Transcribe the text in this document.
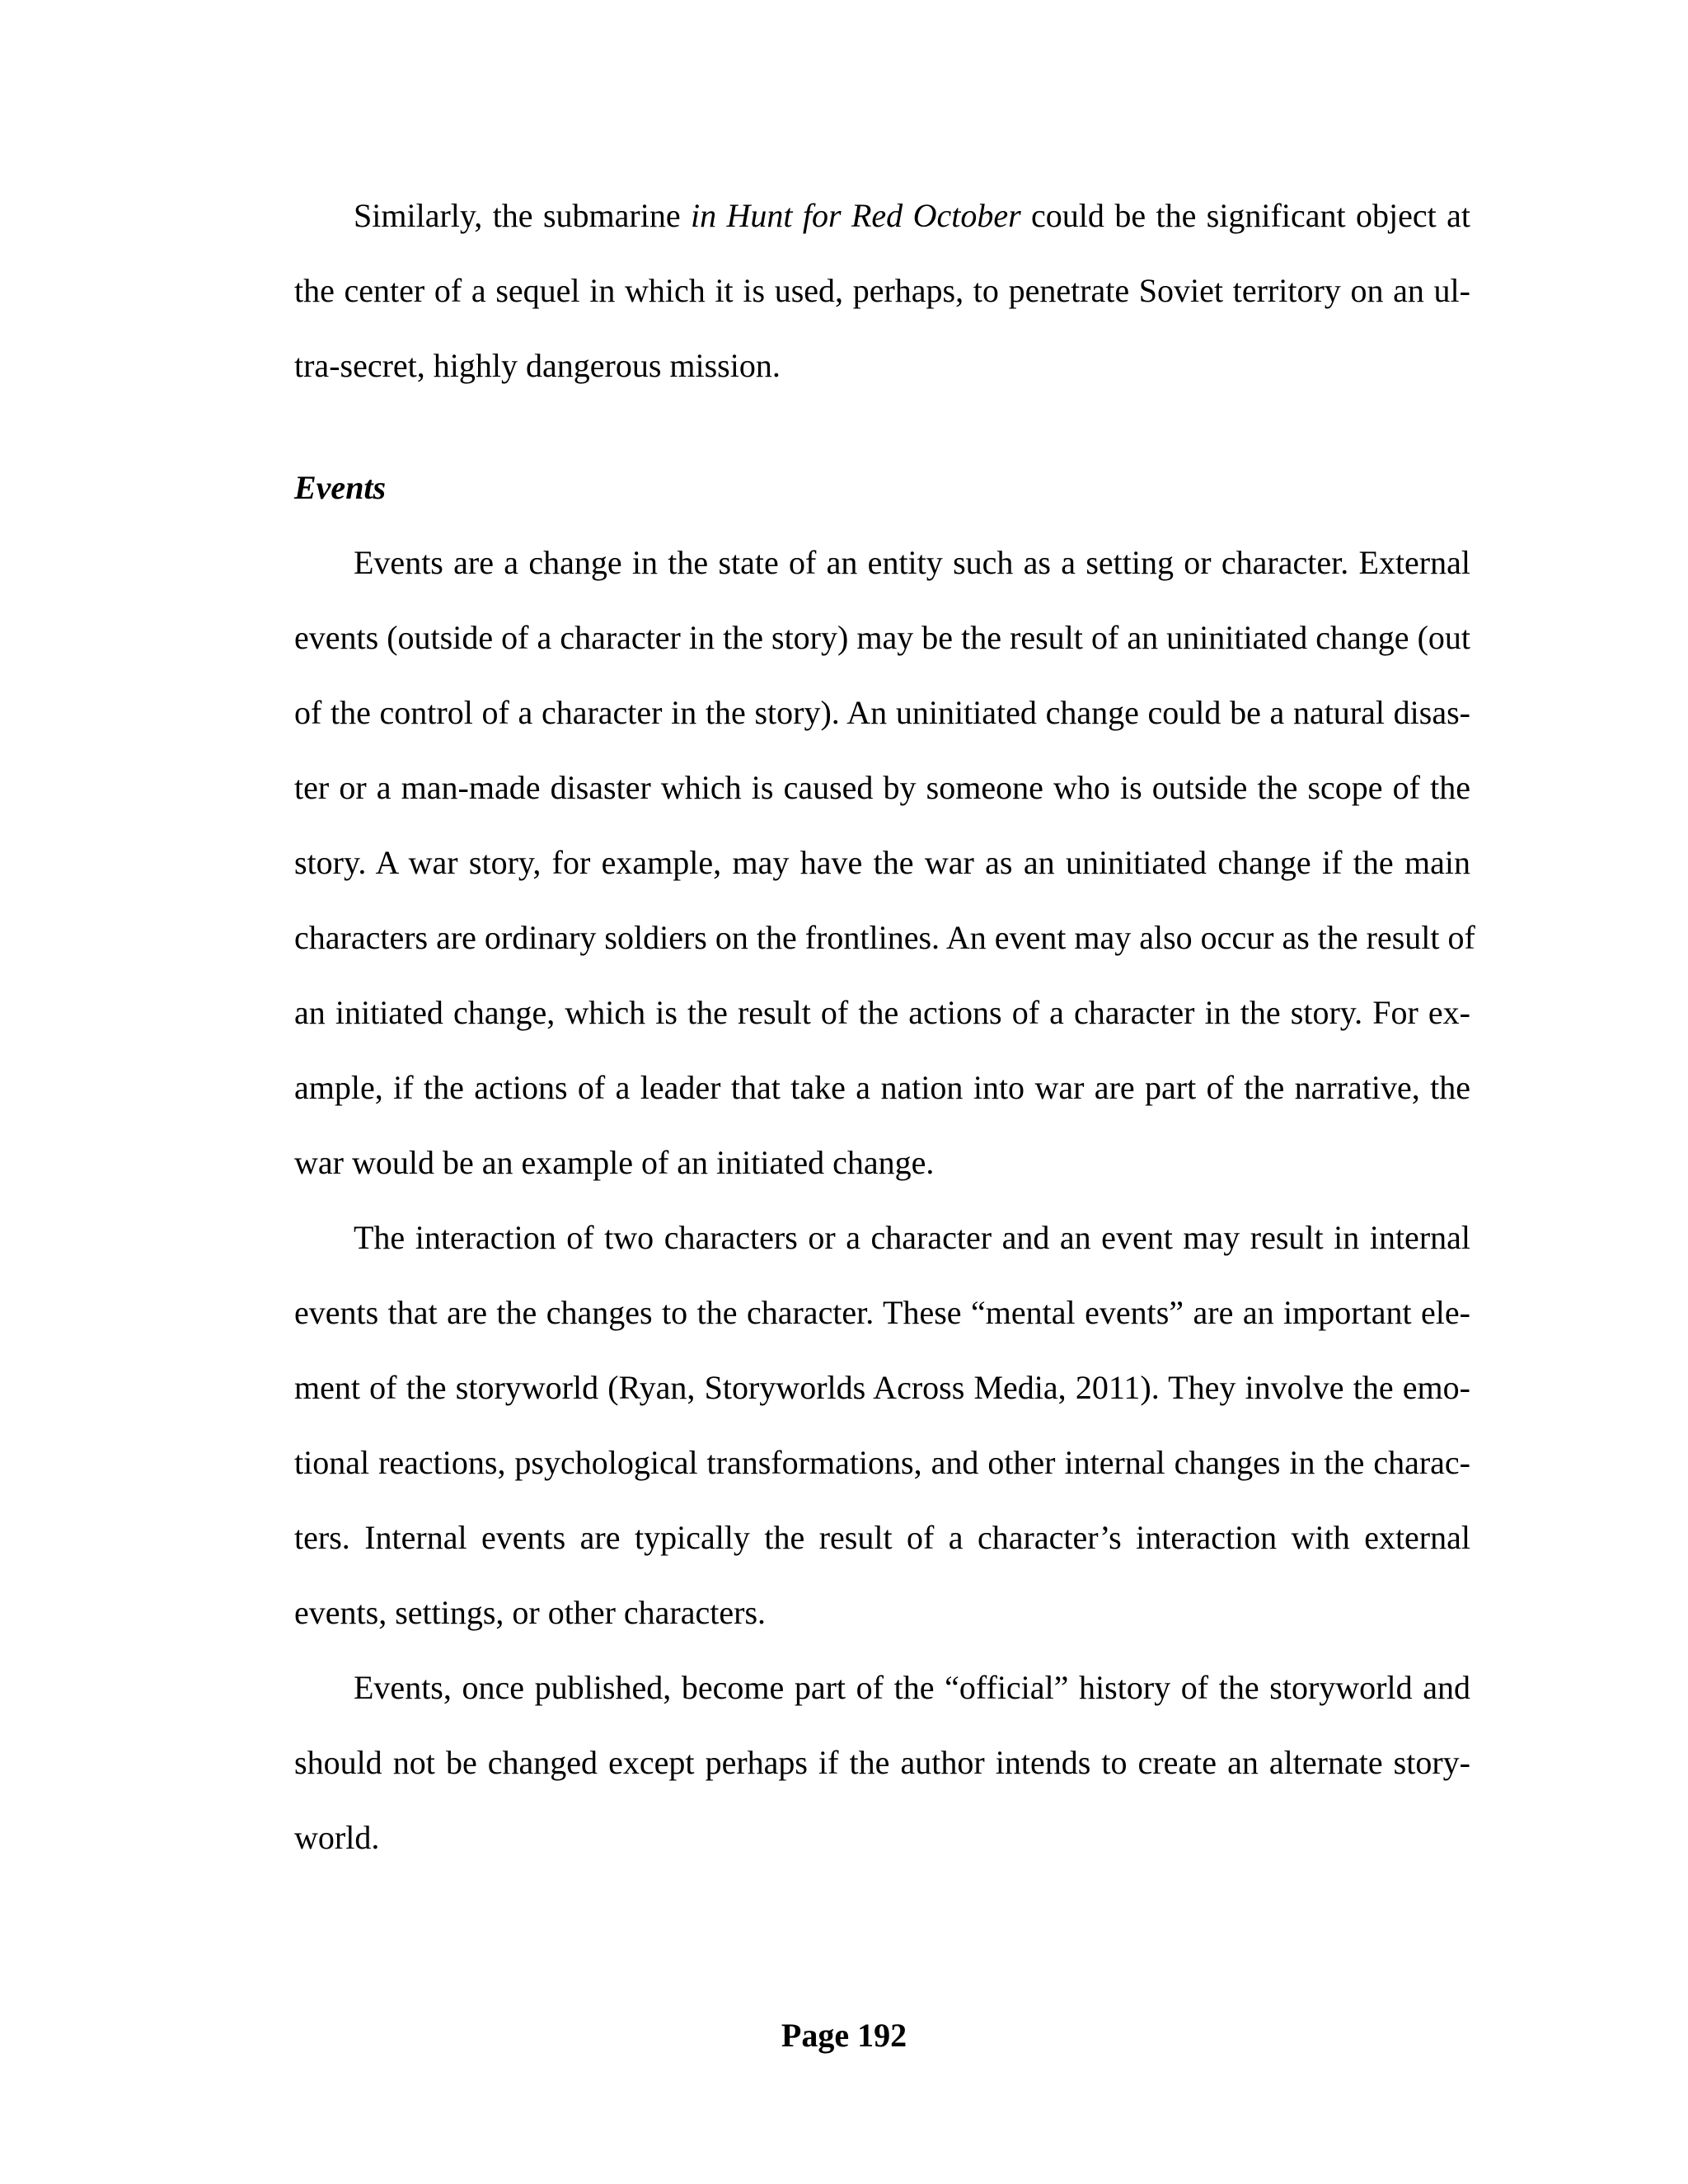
Similarly, the submarine in Hunt for Red October could be the significant object at
the center of a sequel in which it is used, perhaps, to penetrate Soviet territory on an ul-
tra-secret, highly dangerous mission.
Events
Events are a change in the state of an entity such as a setting or character. External
events (outside of a character in the story) may be the result of an uninitiated change (out
of the control of a character in the story). An uninitiated change could be a natural disas-
ter or a man-made disaster which is caused by someone who is outside the scope of the
story. A war story, for example, may have the war as an uninitiated change if the main
characters are ordinary soldiers on the frontlines. An event may also occur as the result of
an initiated change, which is the result of the actions of a character in the story. For ex-
ample, if the actions of a leader that take a nation into war are part of the narrative, the
war would be an example of an initiated change.
The interaction of two characters or a character and an event may result in internal
events that are the changes to the character. These “mental events” are an important ele-
ment of the storyworld (Ryan, Storyworlds Across Media, 2011). They involve the emo-
tional reactions, psychological transformations, and other internal changes in the charac-
ters. Internal events are typically the result of a character’s interaction with external
events, settings, or other characters.
Events, once published, become part of the “official” history of the storyworld and
should not be changed except perhaps if the author intends to create an alternate story-
world.
Page 192
